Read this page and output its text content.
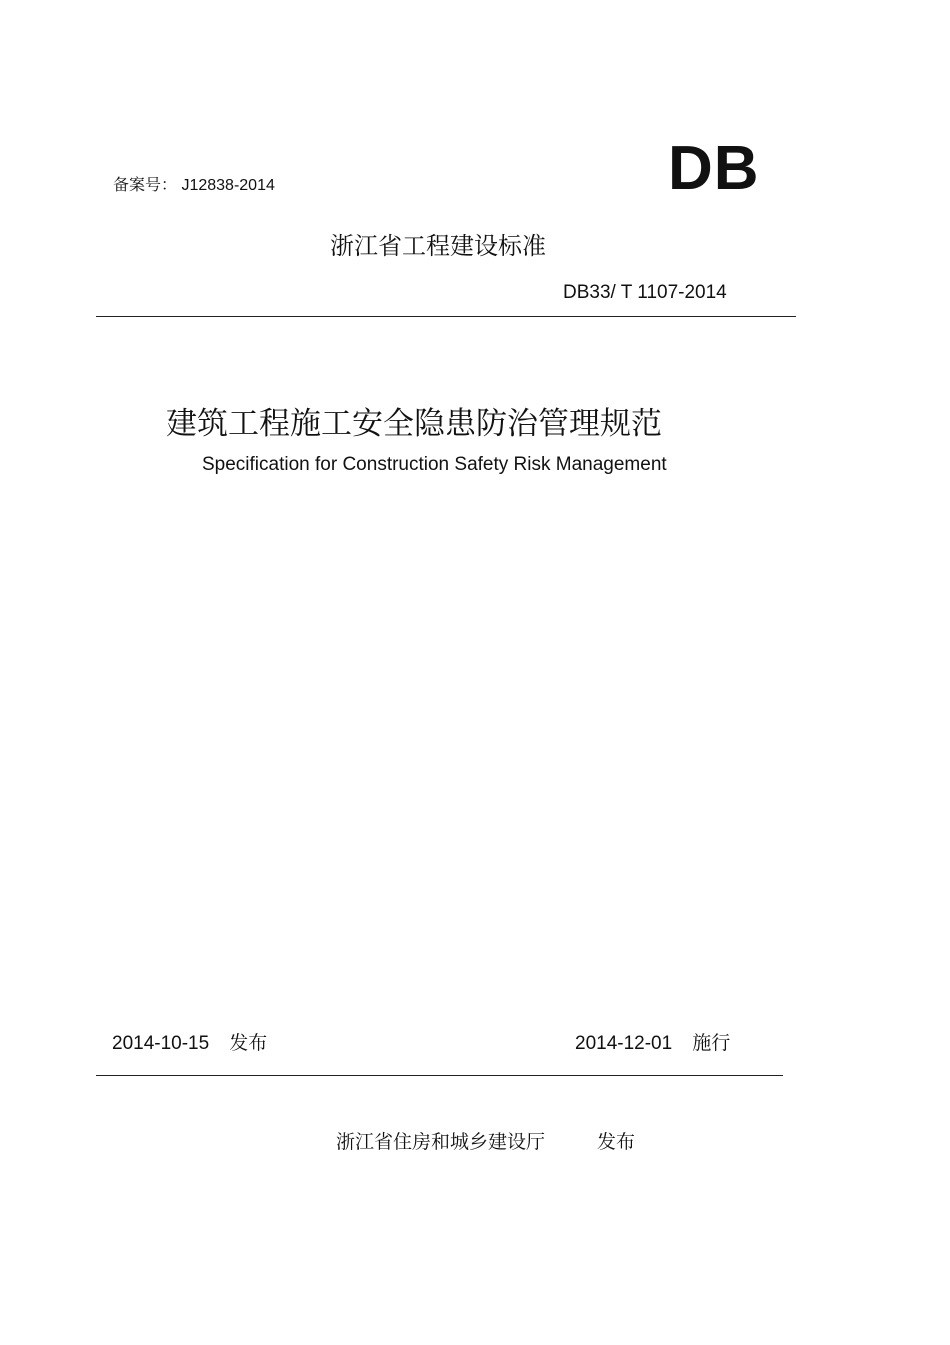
备案号： J12838-2014	DB
浙江省工程建设标准
DB33/ T 1107-2014
建筑工程施工安全隐患防治管理规范
Specification for Construction Safety Risk Management
2014-10-15 发布	2014-12-01 施行
浙江省住房和城乡建设厅	发布
